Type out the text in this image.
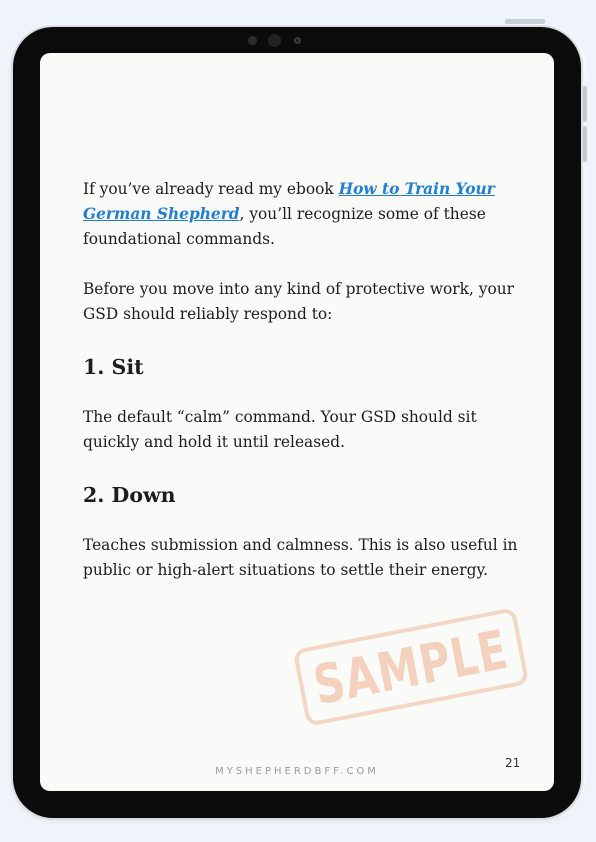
If you’ve already read my ebook How to Train Your German Shepherd, you’ll recognize some of these foundational commands.

Before you move into any kind of protective work, your GSD should reliably respond to:

1. Sit

The default “calm” command. Your GSD should sit quickly and hold it until released.

2. Down

Teaches submission and calmness. This is also useful in public or high-alert situations to settle their energy.

SAMPLE
MYSHEPHERDBFF.COM
21
